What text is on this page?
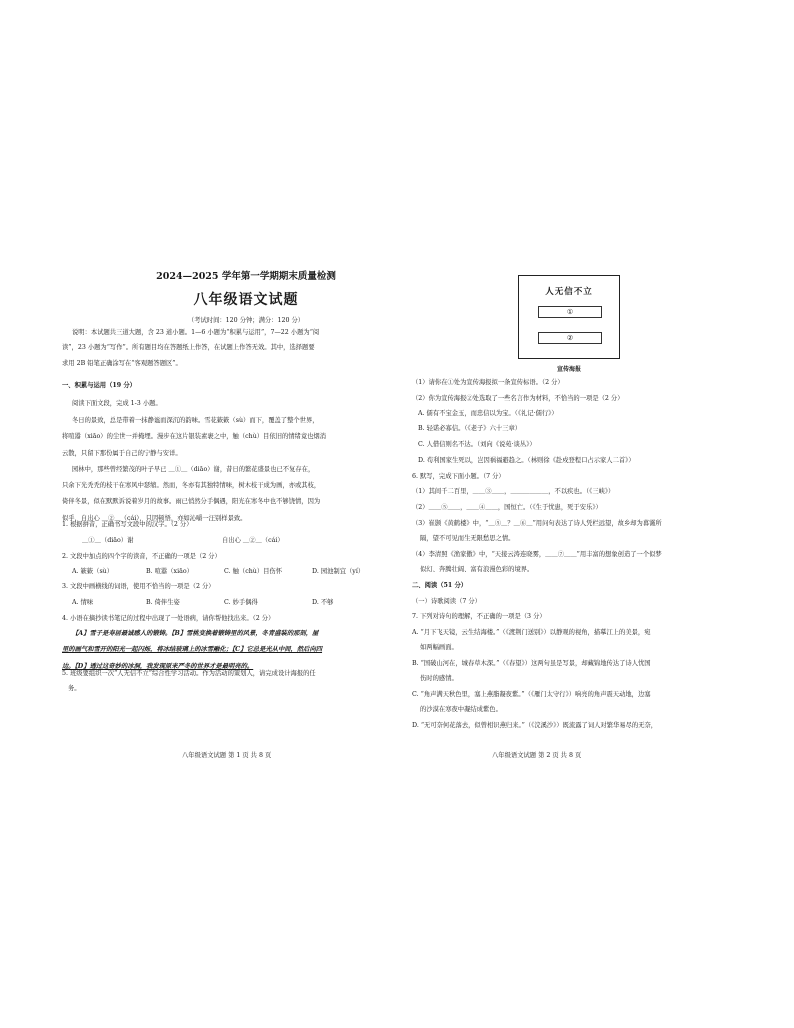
2024—2025 学年第一学期期末质量检测
八年级语文试题
（考试时间：120 分钟；满分：120 分）
说明：本试题共三道大题，含 23 道小题。1—6 小题为“积累与运用”，7—22 小题为“阅
读”，23 小题为“写作”。所有题目均在答题纸上作答，在试题上作答无效。其中，选择题要
求用 2B 铅笔正确涂写在“客观题答题区”。
一、积累与运用（19 分）
阅读下面文段，完成 1-3 小题。
冬日的景致，总是带着一抹静谧而深沉的韵味。雪花簌簌（sù）而下，覆盖了整个世界，
将喧嚣（xiāo）的尘世一并掩埋。漫步在这片银装素裹之中，触（chù）目依旧的情绪竟也烟消
云散，只留下那份属于自己的宁静与安详。
园林中，那些曾经繁茂的叶子早已 ＿①＿（diāo）谢，昔日的繁花盛景也已不复存在，
只余下光秃秃的枝干在寒风中瑟缩。然而，冬亦有其独特情味，树木枝干成为画，亦或其枝，
倚伴冬景，似在默默诉说着岁月的故事。雨已悄然分手偶遇，阳光在寒冬中也不够饶情，因为
似乎，自出心 ＿②＿（cái），只因顿悟，亦如沁嚼一汪别样景致。
1. 根据拼音，正确书写文段中的汉字。（2 分）
＿①＿（diāo）谢	自出心 ＿②＿（cái）
2. 文段中加点的四个字的读音，不正确的一项是（2 分）
A. 簌簌（sù）	B. 喧嚣（xiāo）	C. 触（chù）目伤怀	D. 园池制宜（yí）
3. 文段中画横线的词语，使用不恰当的一项是（2 分）
A. 情味	B. 倚伴生姿	C. 妙手偶得	D. 不够
4. 小语在摘抄读书笔记的过程中出现了一处语病，请你帮他找出来。（2 分）
【A】雪子是寿居最诚感人的锻铸。【B】雪桃变换着锻铸里的风景，冬青盛装的那刻，屋
里的画气和雪开的阳光一起闪烁，将冰结玻璃上的冰雪融化；【C】它总是光从中间，然后向四
边。【D】透过这奇妙的冰洞，我发现原来严冬的世界才是最明亮的。
5. 班级要组织一次“人无信不立”综合性学习活动。作为活动的策划人，请完成设计海报的任
务。
八年级语文试题 第 1 页 共 8 页
人无信不立
①
②
宣传海报
（1）请你在①处为宣传海报拟一条宣传标语。（2 分）
（2）你为宣传海报②处选取了一些名言作为材料，不恰当的一项是（2 分）
A. 儒有不宝金玉，而忠信以为宝。（《礼记·儒行》）
B. 轻诺必寡信。（《老子》六十三章）
C. 人借信则名不达。（刘向《说苑·谈丛》）
D. 苟利国家生死以，岂因祸福避趋之。（林则徐《赴戍登程口占示家人二首》）
6. 默写，完成下面小题。（7 分）
（1）其间千二百里，＿＿③＿＿，＿＿＿＿＿＿，不以疾也。（《三峡》）
（2）＿＿⑤＿＿，＿＿④＿＿，国恒亡。（《生于忧患，死于安乐》）
（3）崔颢《黄鹤楼》中，“＿⑤＿？＿⑥＿”用问句表达了诗人凭栏远望，故乡却为暮霭所
隔，望不可见而生无限愁思之情。
（4）李清照《渔家傲》中，“天接云涛连晓雾，＿＿⑦＿＿”用丰富的想象创造了一个似梦
似幻、奔腾壮阔、富有浪漫色彩的境界。
二、阅读（51 分）
（一）诗歌阅读（7 分）
7. 下列对诗句的理解，不正确的一项是（3 分）
A. “月下飞天镜，云生结海楼。”（《渡荆门送别》）以静观的视角，描摹江上的美景，宛
如两幅画面。
B. “国破山河在，城春草木深。”（《春望》）这两句虽是写景，却藏锦地传达了诗人忧国
伤时的感情。
C. “角声满天秋色里，塞上燕脂凝夜紫。”（《雁门太守行》）响亮的角声震天动地，边塞
的沙漠在寒夜中凝结成紫色。
D. “无可奈何花落去，似曾相识燕归来。”（《浣溪沙》）既流露了词人对繁华易尽的无奈，
八年级语文试题 第 2 页 共 8 页
